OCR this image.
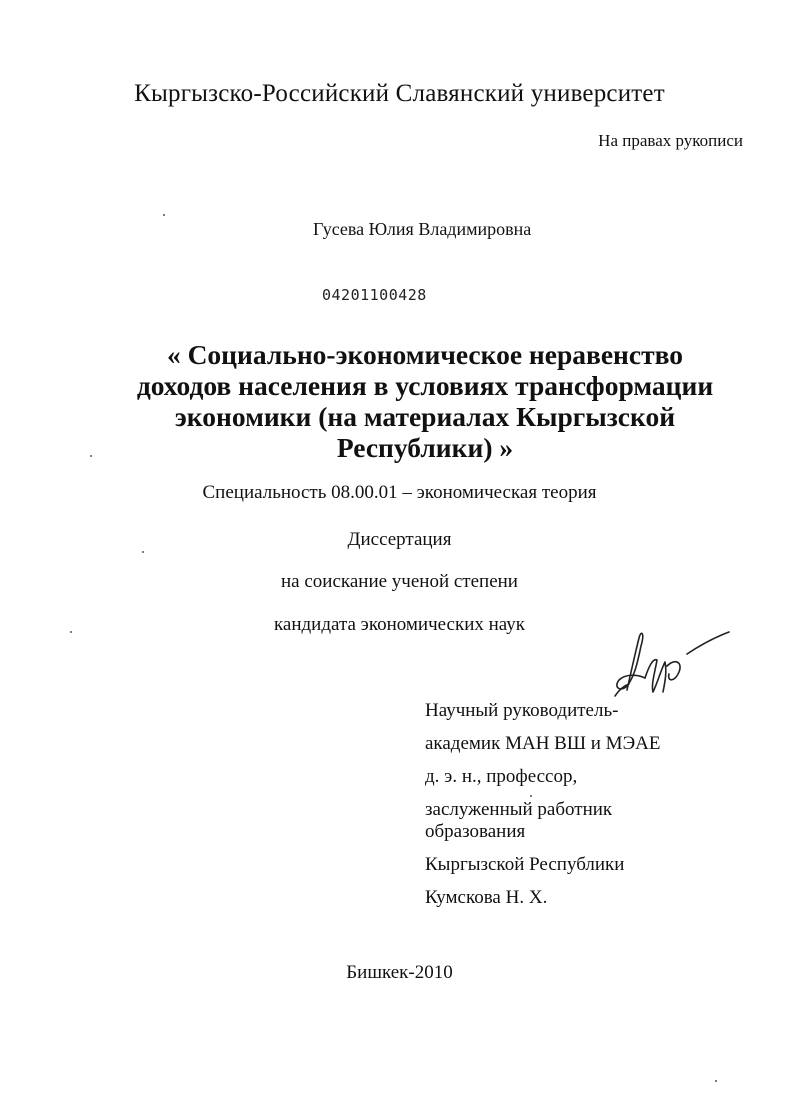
Кыргызско-Российский Славянский университет
На правах рукописи
Гусева Юлия Владимировна
04201100428
« Социально-экономическое неравенство
доходов населения в условиях трансформации
экономики (на материалах Кыргызской
Республики) »
Специальность 08.00.01 – экономическая теория
Диссертация
на соискание ученой степени
кандидата экономических наук
Научный руководитель-
академик МАН ВШ и МЭАЕ
д. э. н., профессор,
заслуженный работник
образования
Кыргызской Республики
Кумскова Н. Х.
Бишкек-2010
